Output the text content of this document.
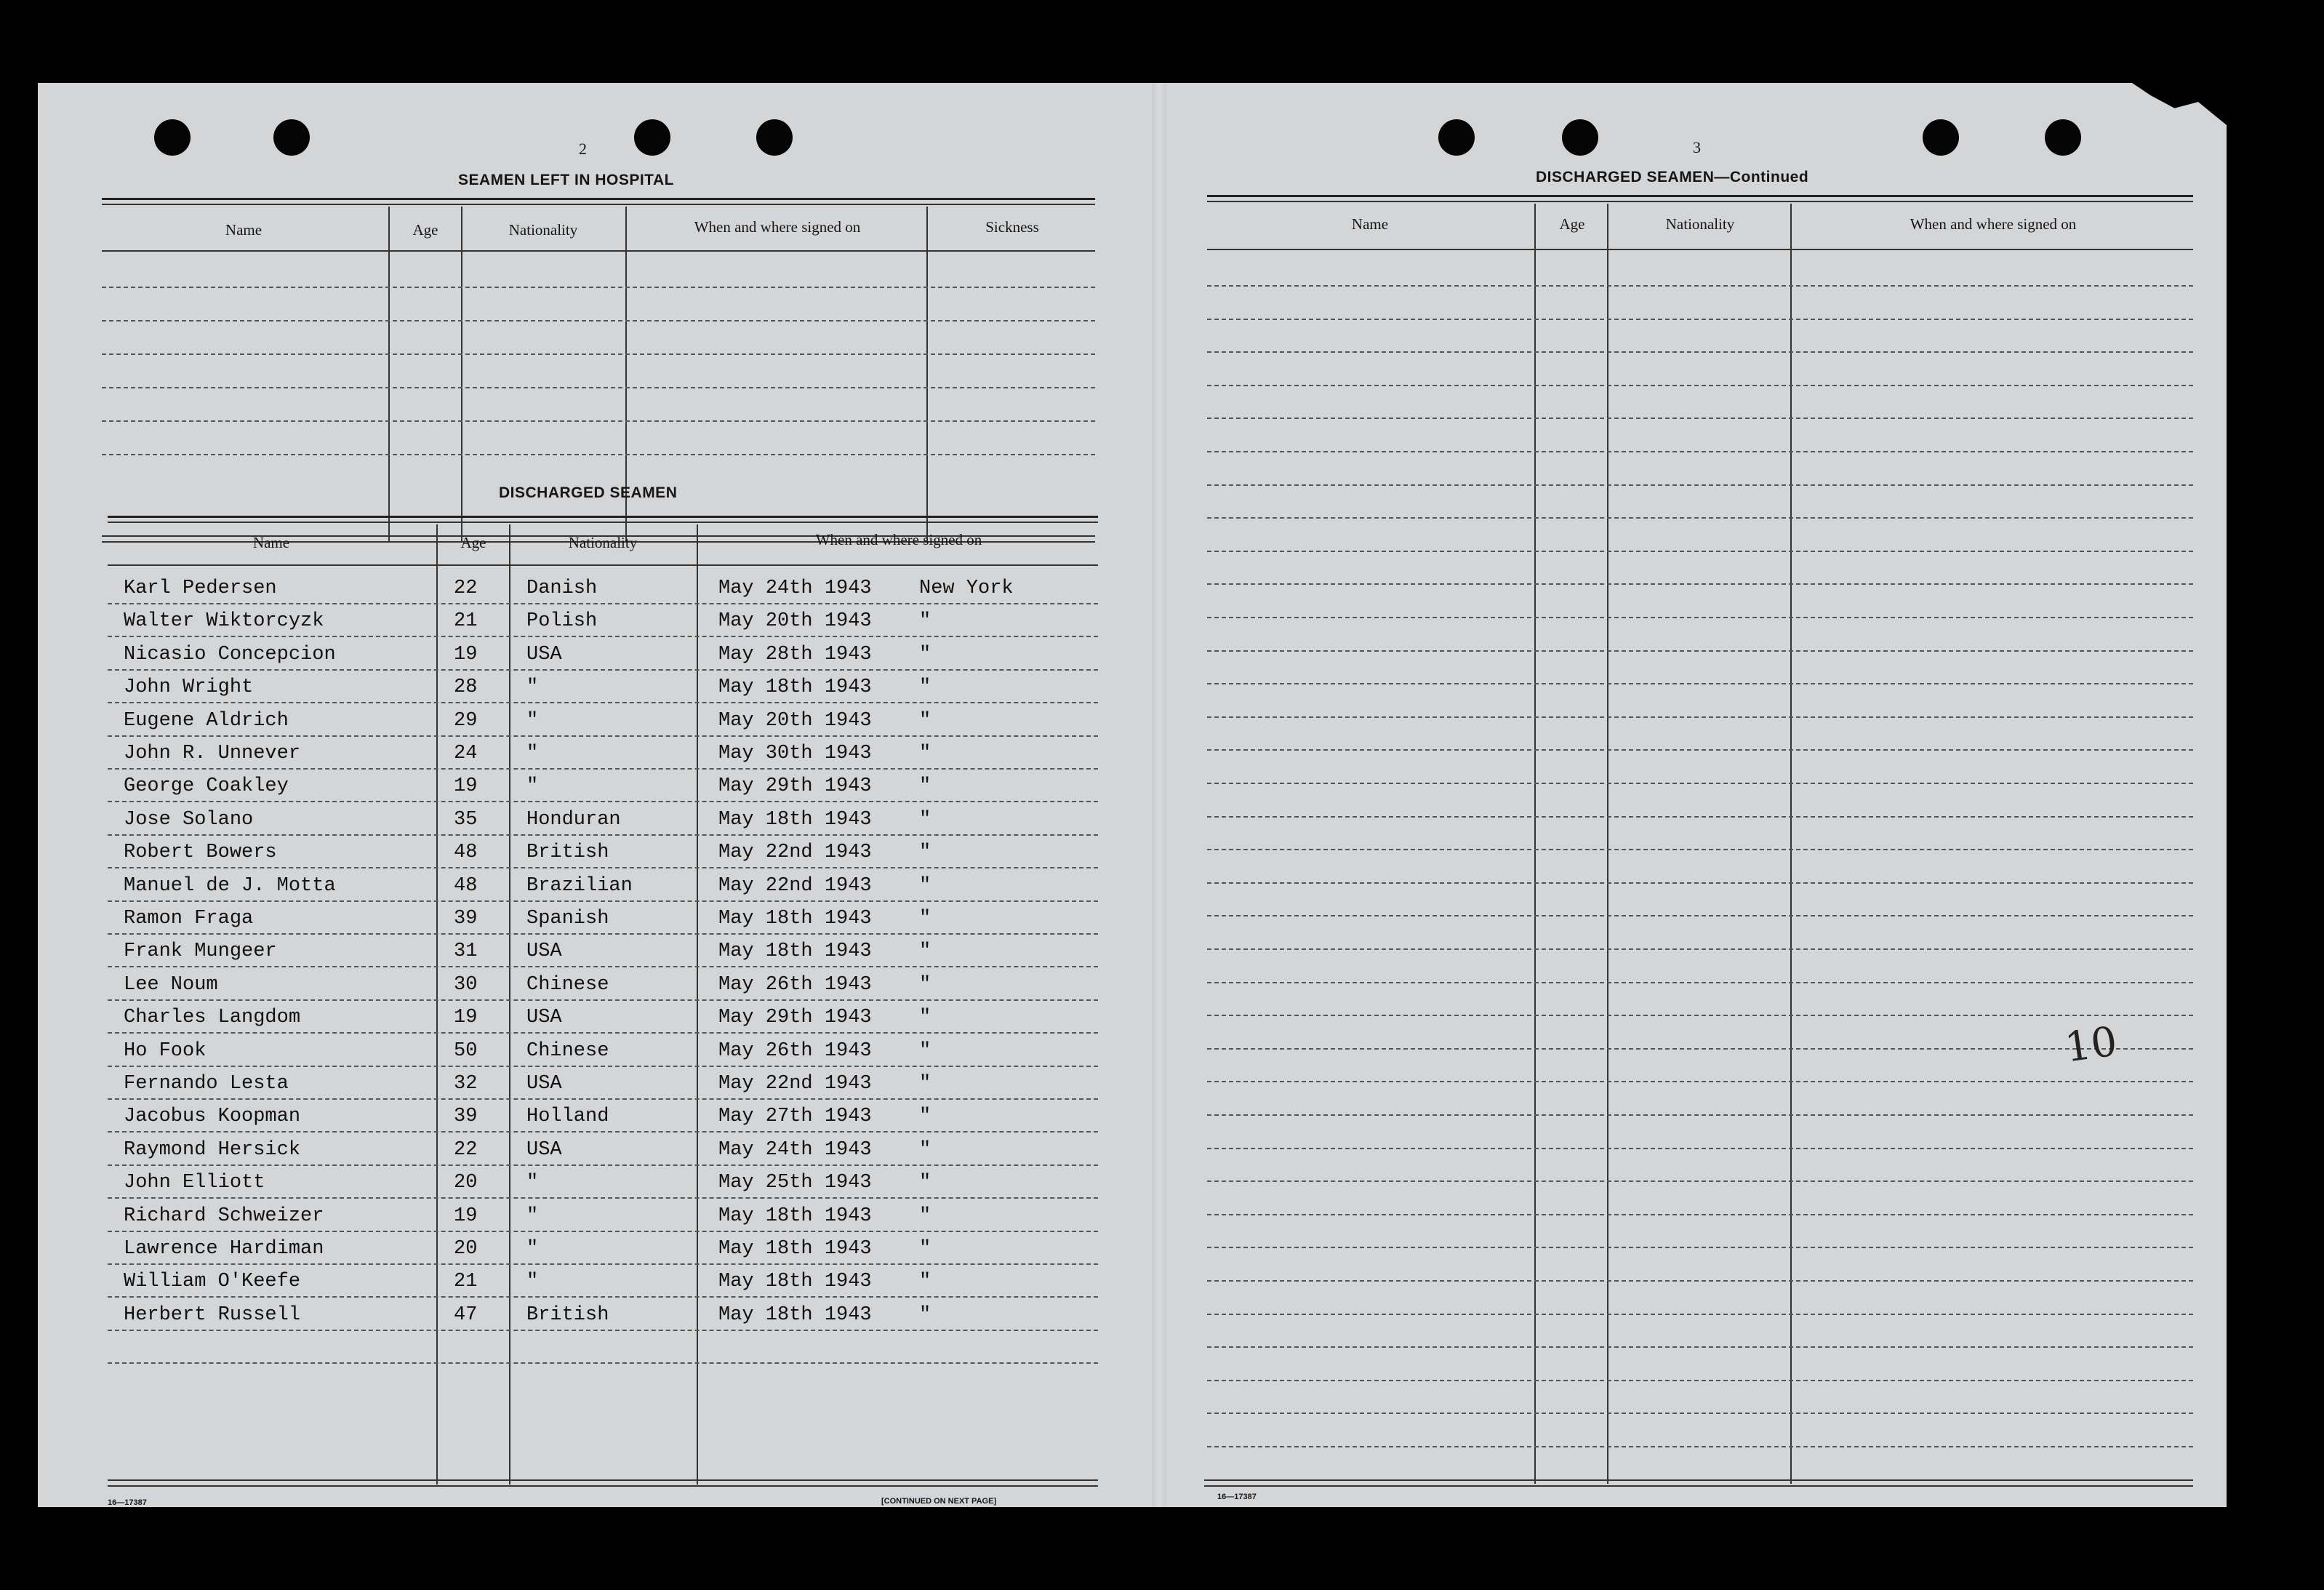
2
SEAMEN LEFT IN HOSPITAL
Name	Age	Nationality	When and where signed on	Sickness
DISCHARGED SEAMEN
Name	Age	Nationality	When and where signed on
Karl Pedersen	22	Danish	May 24th 1943 New York
Walter Wiktorcyzk	21	Polish	May 20th 1943 "
Nicasio Concepcion	19	USA	May 28th 1943 "
John Wright	28	"	May 18th 1943 "
Eugene Aldrich	29	"	May 20th 1943 "
John R. Unnever	24	"	May 30th 1943 "
George Coakley	19	"	May 29th 1943 "
Jose Solano	35	Honduran	May 18th 1943 "
Robert Bowers	48	British	May 22nd 1943 "
Manuel de J. Motta	48	Brazilian	May 22nd 1943 "
Ramon Fraga	39	Spanish	May 18th 1943 "
Frank Mungeer	31	USA	May 18th 1943 "
Lee Noum	30	Chinese	May 26th 1943 "
Charles Langdom	19	USA	May 29th 1943 "
Ho Fook	50	Chinese	May 26th 1943 "
Fernando Lesta	32	USA	May 22nd 1943 "
Jacobus Koopman	39	Holland	May 27th 1943 "
Raymond Hersick	22	USA	May 24th 1943 "
John Elliott	20	"	May 25th 1943 "
Richard Schweizer	19	"	May 18th 1943 "
Lawrence Hardiman	20	"	May 18th 1943 "
William O'Keefe	21	"	May 18th 1943 "
Herbert Russell	47	British	May 18th 1943 "
16—17387	[CONTINUED ON NEXT PAGE]
3
DISCHARGED SEAMEN—Continued
Name	Age	Nationality	When and where signed on
16—17387
10
